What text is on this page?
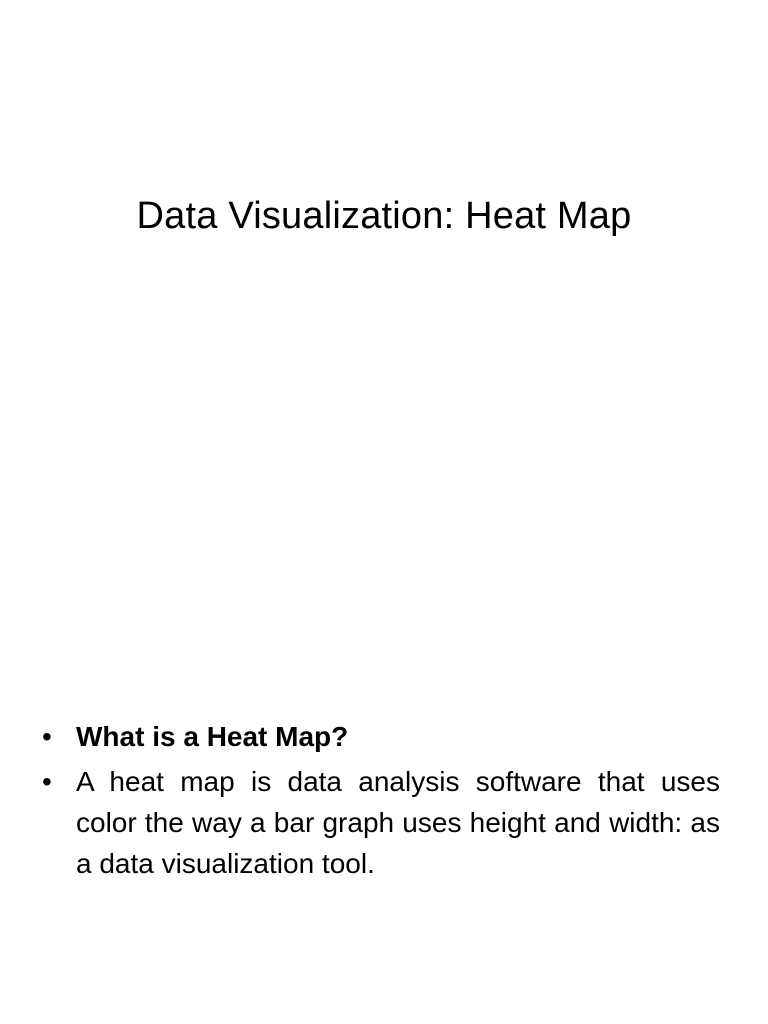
Data Visualization: Heat Map
• What is a Heat Map?
• A heat map is data analysis software that uses color the way a bar graph uses height and width: as a data visualization tool.
